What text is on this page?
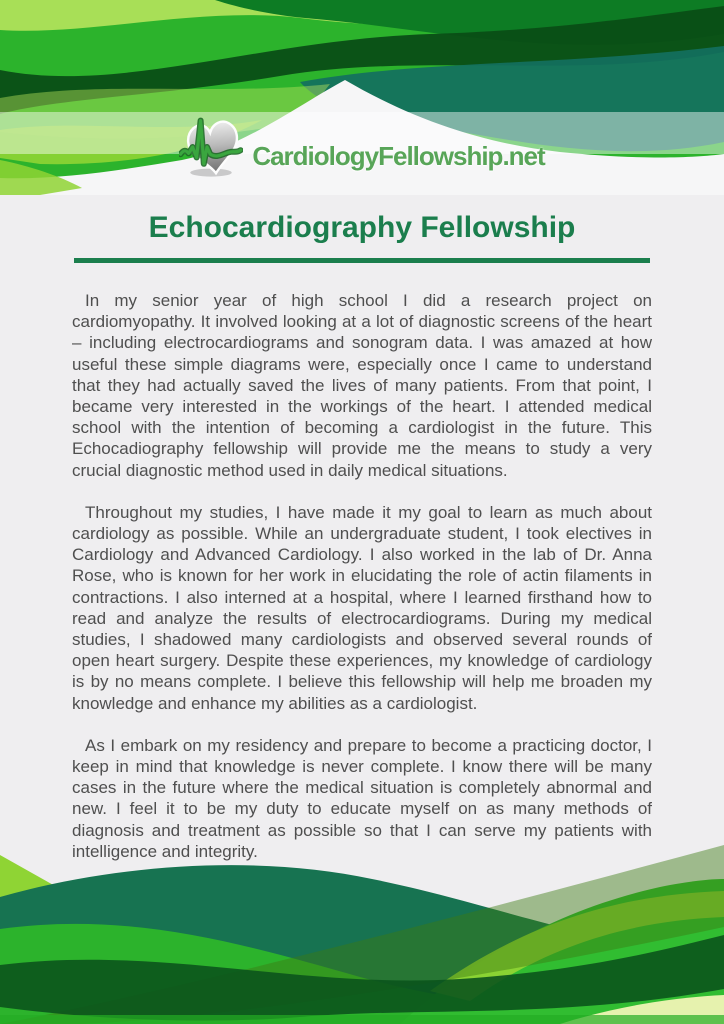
CardiologyFellowship.net
Echocardiography Fellowship

In my senior year of high school I did a research project on cardiomyopathy. It involved looking at a lot of diagnostic screens of the heart – including electrocardiograms and sonogram data. I was amazed at how useful these simple diagrams were, especially once I came to understand that they had actually saved the lives of many patients. From that point, I became very interested in the workings of the heart. I attended medical school with the intention of becoming a cardiologist in the future. This Echocadiography fellowship will provide me the means to study a very crucial diagnostic method used in daily medical situations.

Throughout my studies, I have made it my goal to learn as much about cardiology as possible. While an undergraduate student, I took electives in Cardiology and Advanced Cardiology. I also worked in the lab of Dr. Anna Rose, who is known for her work in elucidating the role of actin filaments in contractions. I also interned at a hospital, where I learned firsthand how to read and analyze the results of electrocardiograms. During my medical studies, I shadowed many cardiologists and observed several rounds of open heart surgery. Despite these experiences, my knowledge of cardiology is by no means complete. I believe this fellowship will help me broaden my knowledge and enhance my abilities as a cardiologist.

As I embark on my residency and prepare to become a practicing doctor, I keep in mind that knowledge is never complete. I know there will be many cases in the future where the medical situation is completely abnormal and new. I feel it to be my duty to educate myself on as many methods of diagnosis and treatment as possible so that I can serve my patients with intelligence and integrity.
